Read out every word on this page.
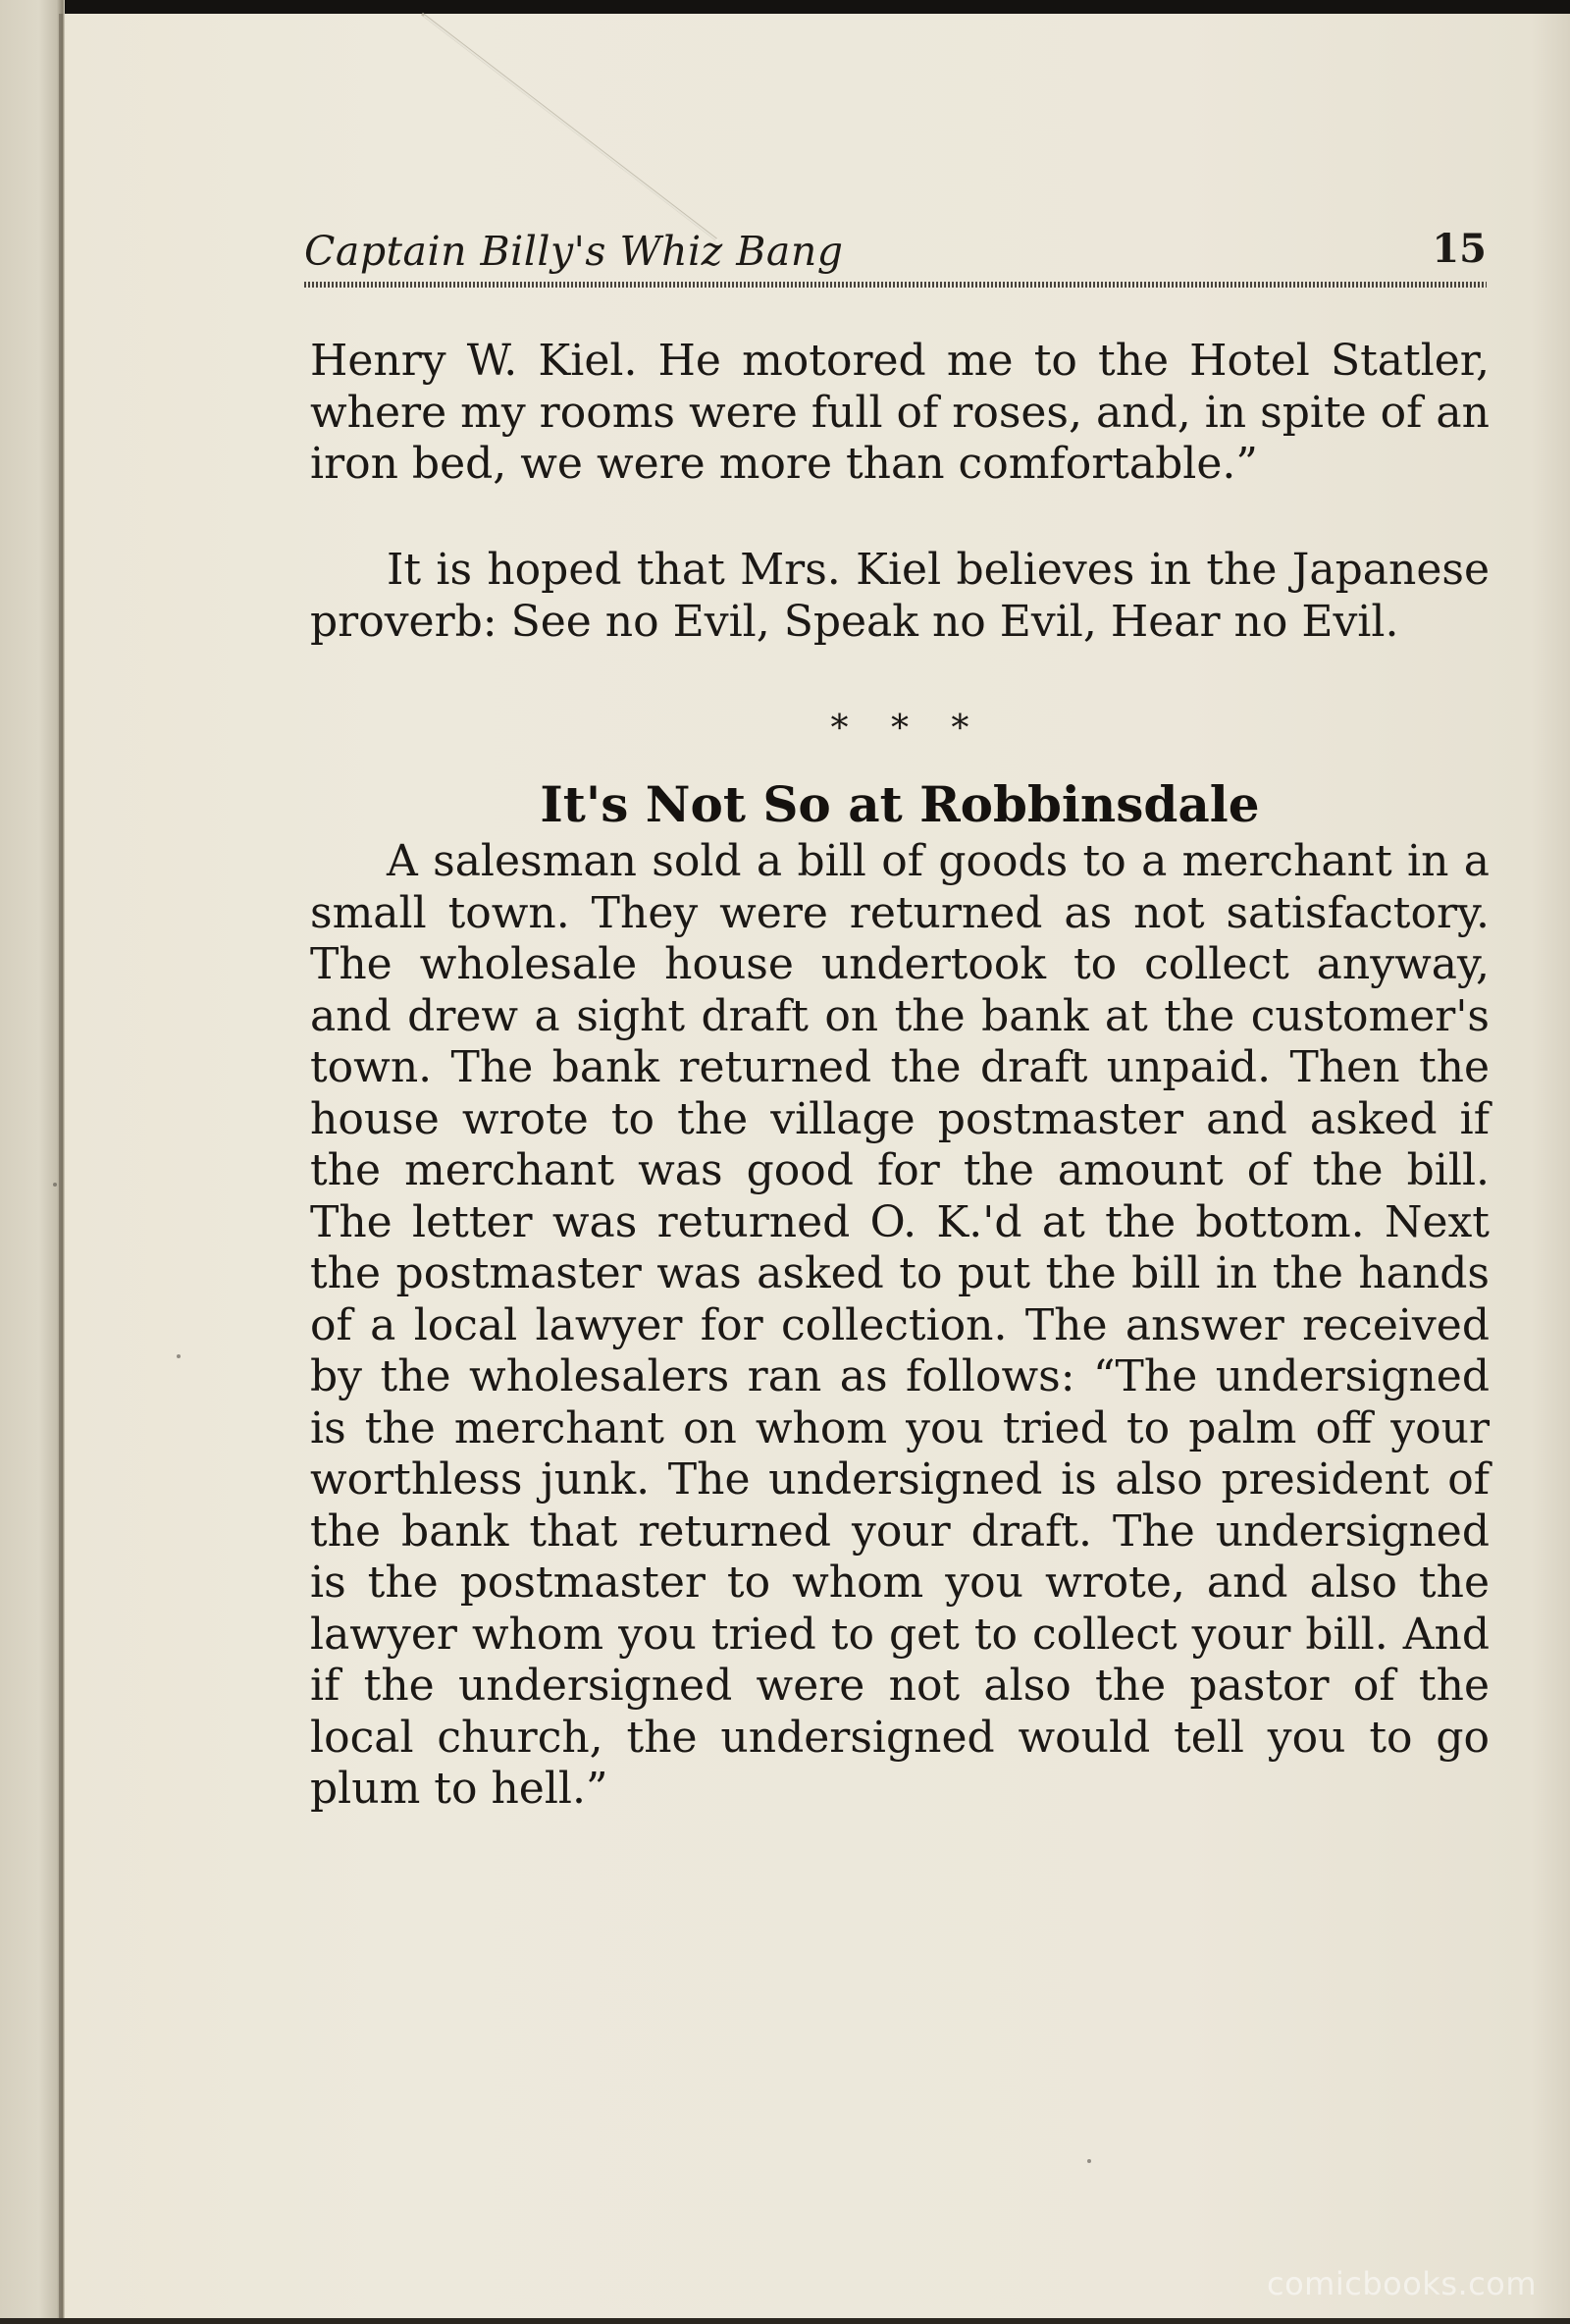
Captain Billy's Whiz Bang	15
Henry W. Kiel. He motored me to the Hotel Statler, where my rooms were full of roses, and, in spite of an iron bed, we were more than comfortable.”
It is hoped that Mrs. Kiel believes in the Japanese proverb: See no Evil, Speak no Evil, Hear no Evil.
* * *
It's Not So at Robbinsdale
A salesman sold a bill of goods to a merchant in a small town. They were returned as not satisfactory. The wholesale house undertook to collect anyway, and drew a sight draft on the bank at the customer's town. The bank returned the draft unpaid. Then the house wrote to the village postmaster and asked if the merchant was good for the amount of the bill. The letter was returned O. K.'d at the bottom. Next the postmaster was asked to put the bill in the hands of a local lawyer for collection. The answer received by the wholesalers ran as follows: “The undersigned is the merchant on whom you tried to palm off your worthless junk. The undersigned is also president of the bank that returned your draft. The undersigned is the postmaster to whom you wrote, and also the lawyer whom you tried to get to collect your bill. And if the undersigned were not also the pastor of the local church, the undersigned would tell you to go plum to hell.”
comicbooks.com
